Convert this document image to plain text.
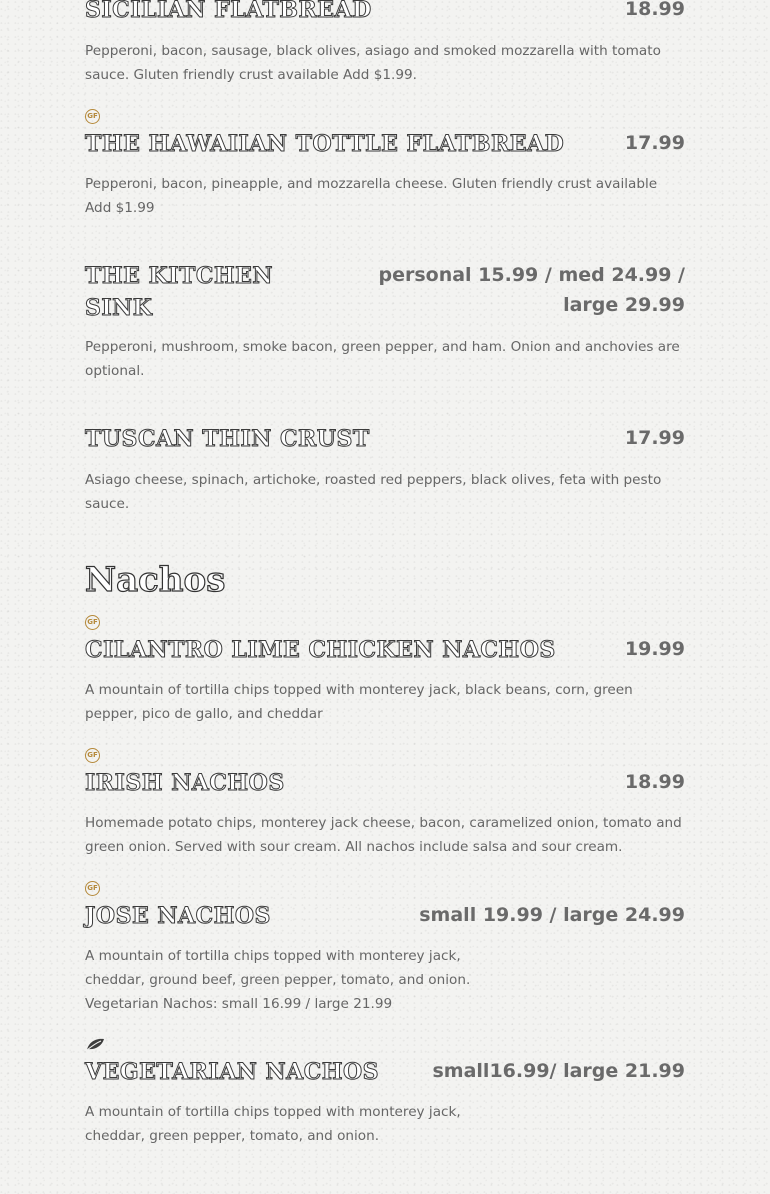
SICILIAN FLATBREAD	18.99

Pepperoni, bacon, sausage, black olives, asiago and smoked mozzarella with tomato sauce. Gluten friendly crust available Add $1.99.

GF
THE HAWAIIAN TOTTLE FLATBREAD	17.99

Pepperoni, bacon, pineapple, and mozzarella cheese. Gluten friendly crust available Add $1.99

THE KITCHEN SINK
personal 15.99 / med 24.99 / large 29.99

Pepperoni, mushroom, smoke bacon, green pepper, and ham. Onion and anchovies are optional.

TUSCAN THIN CRUST	17.99

Asiago cheese, spinach, artichoke, roasted red peppers, black olives, feta with pesto sauce.

Nachos
GF
CILANTRO LIME CHICKEN NACHOS	19.99

A mountain of tortilla chips topped with monterey jack, black beans, corn, green pepper, pico de gallo, and cheddar

GF
IRISH NACHOS	18.99

Homemade potato chips, monterey jack cheese, bacon, caramelized onion, tomato and green onion. Served with sour cream. All nachos include salsa and sour cream.

GF
JOSE NACHOS	small 19.99 / large 24.99

A mountain of tortilla chips topped with monterey jack,

cheddar, ground beef, green pepper, tomato, and onion.

Vegetarian Nachos: small 16.99 / large 21.99

VEGETARIAN NACHOS	small16.99/ large 21.99

A mountain of tortilla chips topped with monterey jack,

cheddar, green pepper, tomato, and onion.
